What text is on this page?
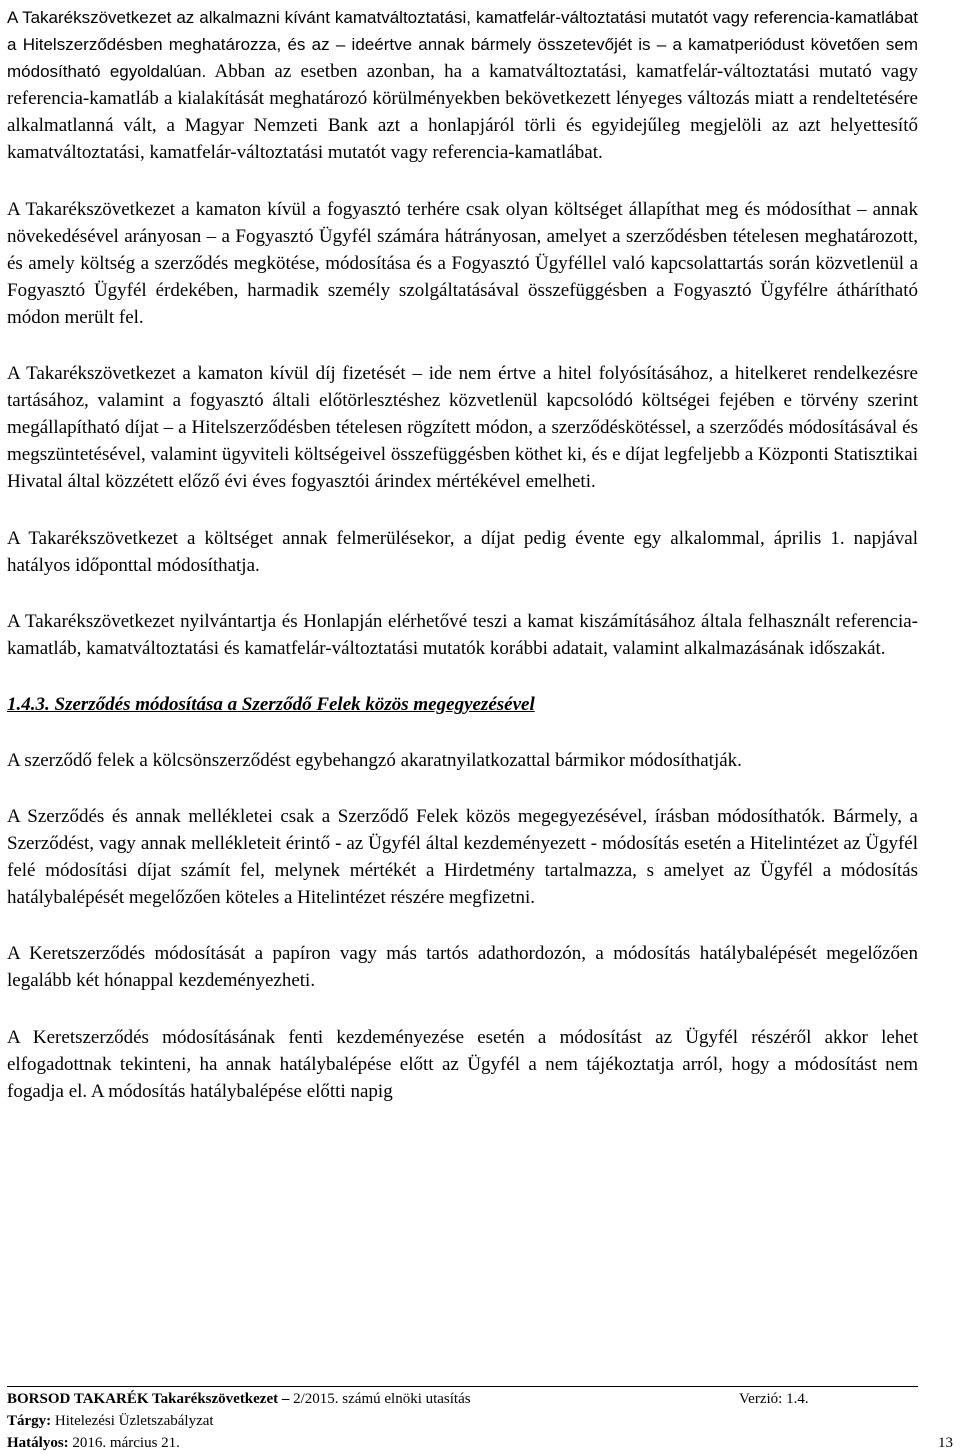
A Takarékszövetkezet az alkalmazni kívánt kamatváltoztatási, kamatfelár-változtatási mutatót vagy referencia-kamatlábat a Hitelszerződésben meghatározza, és az – ideértve annak bármely összetevőjét is – a kamatperiódust követően sem módosítható egyoldalúan. Abban az esetben azonban, ha a kamatváltoztatási, kamatfelár-változtatási mutató vagy referencia-kamatláb a kialakítását meghatározó körülményekben bekövetkezett lényeges változás miatt a rendeltetésére alkalmatlanná vált, a Magyar Nemzeti Bank azt a honlapjáról törli és egyidejűleg megjelöli az azt helyettesítő kamatváltoztatási, kamatfelár-változtatási mutatót vagy referencia-kamatlábat.

A Takarékszövetkezet a kamaton kívül a fogyasztó terhére csak olyan költséget állapíthat meg és módosíthat – annak növekedésével arányosan – a Fogyasztó Ügyfél számára hátrányosan, amelyet a szerződésben tételesen meghatározott, és amely költség a szerződés megkötése, módosítása és a Fogyasztó Ügyféllel való kapcsolattartás során közvetlenül a Fogyasztó Ügyfél érdekében, harmadik személy szolgáltatásával összefüggésben a Fogyasztó Ügyfélre áthárítható módon merült fel.

A Takarékszövetkezet a kamaton kívül díj fizetését – ide nem értve a hitel folyósításához, a hitelkeret rendelkezésre tartásához, valamint a fogyasztó általi előtörlesztéshez közvetlenül kapcsolódó költségei fejében e törvény szerint megállapítható díjat – a Hitelszerződésben tételesen rögzített módon, a szerződéskötéssel, a szerződés módosításával és megszüntetésével, valamint ügyviteli költségeivel összefüggésben köthet ki, és e díjat legfeljebb a Központi Statisztikai Hivatal által közzétett előző évi éves fogyasztói árindex mértékével emelheti.

A Takarékszövetkezet a költséget annak felmerülésekor, a díjat pedig évente egy alkalommal, április 1. napjával hatályos időponttal módosíthatja.

A Takarékszövetkezet nyilvántartja és Honlapján elérhetővé teszi a kamat kiszámításához általa felhasznált referencia-kamatláb, kamatváltoztatási és kamatfelár-változtatási mutatók korábbi adatait, valamint alkalmazásának időszakát.

1.4.3. Szerződés módosítása a Szerződő Felek közös megegyezésével

A szerződő felek a kölcsönszerződést egybehangzó akaratnyilatkozattal bármikor módosíthatják.

A Szerződés és annak mellékletei csak a Szerződő Felek közös megegyezésével, írásban módosíthatók. Bármely, a Szerződést, vagy annak mellékleteit érintő - az Ügyfél által kezdeményezett - módosítás esetén a Hitelintézet az Ügyfél felé módosítási díjat számít fel, melynek mértékét a Hirdetmény tartalmazza, s amelyet az Ügyfél a módosítás hatálybalépését megelőzően köteles a Hitelintézet részére megfizetni.

A Keretszerződés módosítását a papíron vagy más tartós adathordozón, a módosítás hatálybalépését megelőzően legalább két hónappal kezdeményezheti.

A Keretszerződés módosításának fenti kezdeményezése esetén a módosítást az Ügyfél részéről akkor lehet elfogadottnak tekinteni, ha annak hatálybalépése előtt az Ügyfél a nem tájékoztatja arról, hogy a módosítást nem fogadja el. A módosítás hatálybalépése előtti napig

BORSOD TAKARÉK Takarékszövetkezet – 2/2015. számú elnöki utasítás	Verzió: 1.4.
Tárgy: Hitelezési Üzletszabályzat
Hatályos: 2016. március 21.	13
